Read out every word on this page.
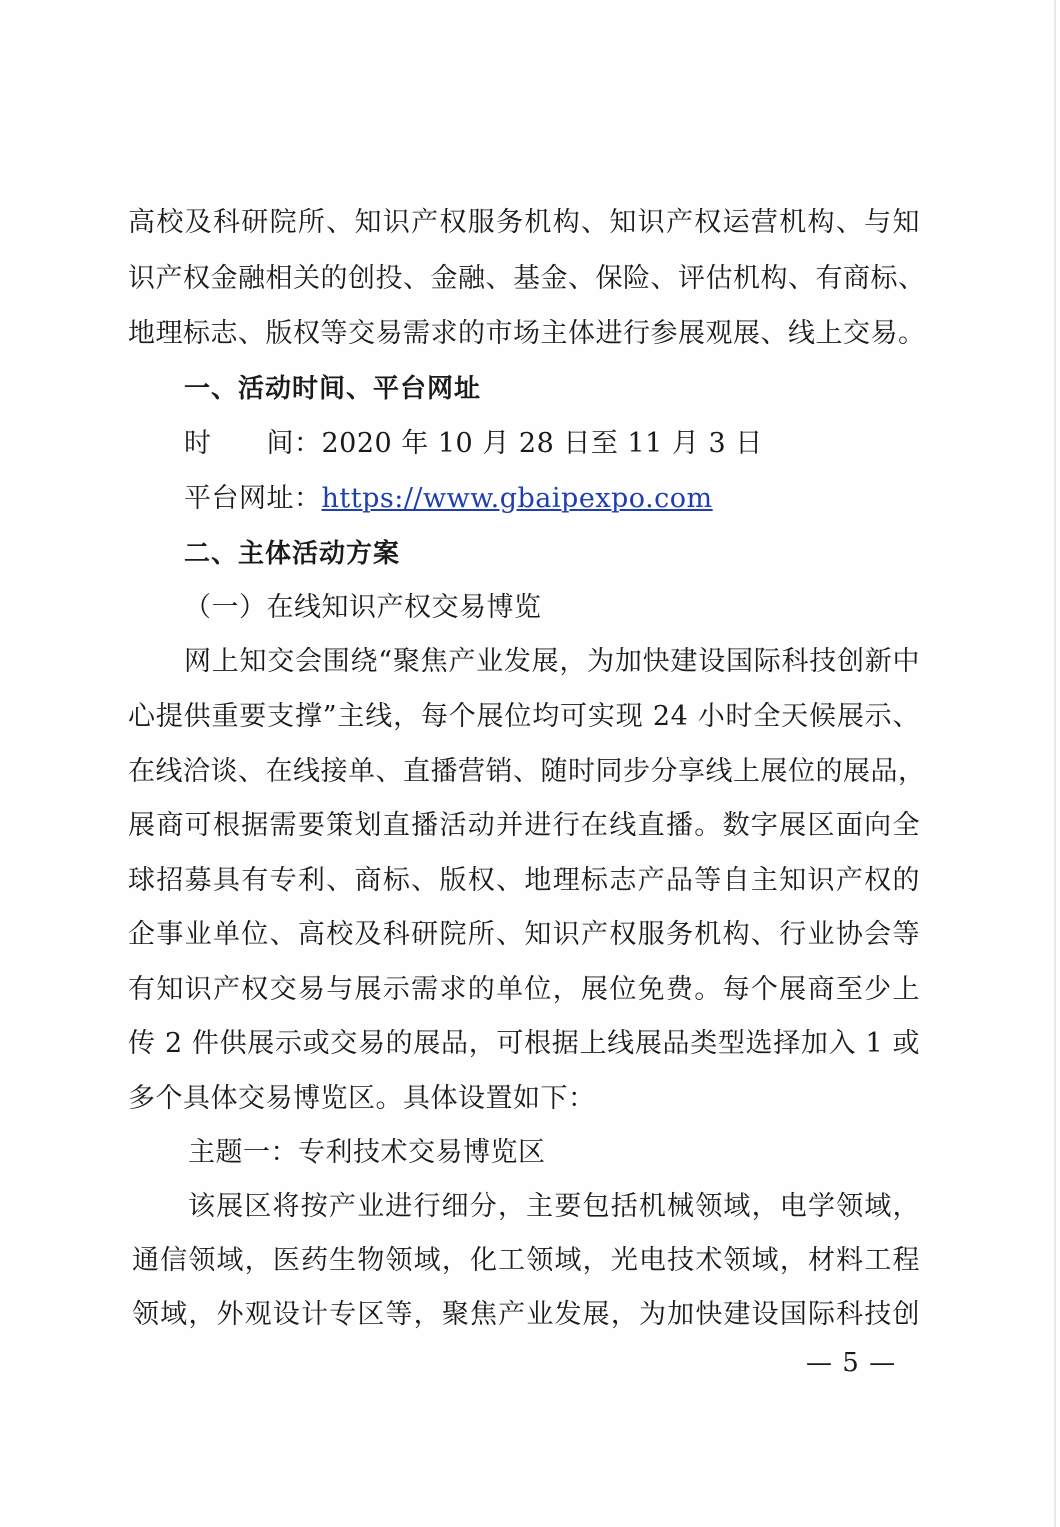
高校及科研院所、知识产权服务机构、知识产权运营机构、与知
识产权金融相关的创投、金融、基金、保险、评估机构、有商标、
地理标志、版权等交易需求的市场主体进行参展观展、线上交易。
一、活动时间、平台网址
时　　间：2020 年 10 月 28 日至 11 月 3 日
平台网址：https://www.gbaipexpo.com
二、主体活动方案
（一）在线知识产权交易博览
网上知交会围绕“聚焦产业发展，为加快建设国际科技创新中
心提供重要支撑”主线，每个展位均可实现 24 小时全天候展示、
在线洽谈、在线接单、直播营销、随时同步分享线上展位的展品，
展商可根据需要策划直播活动并进行在线直播。数字展区面向全
球招募具有专利、商标、版权、地理标志产品等自主知识产权的
企事业单位、高校及科研院所、知识产权服务机构、行业协会等
有知识产权交易与展示需求的单位，展位免费。每个展商至少上
传 2 件供展示或交易的展品，可根据上线展品类型选择加入 1 或
多个具体交易博览区。具体设置如下：
主题一：专利技术交易博览区
该展区将按产业进行细分，主要包括机械领域，电学领域，
通信领域，医药生物领域，化工领域，光电技术领域，材料工程
领域，外观设计专区等，聚焦产业发展，为加快建设国际科技创
— 5 —
